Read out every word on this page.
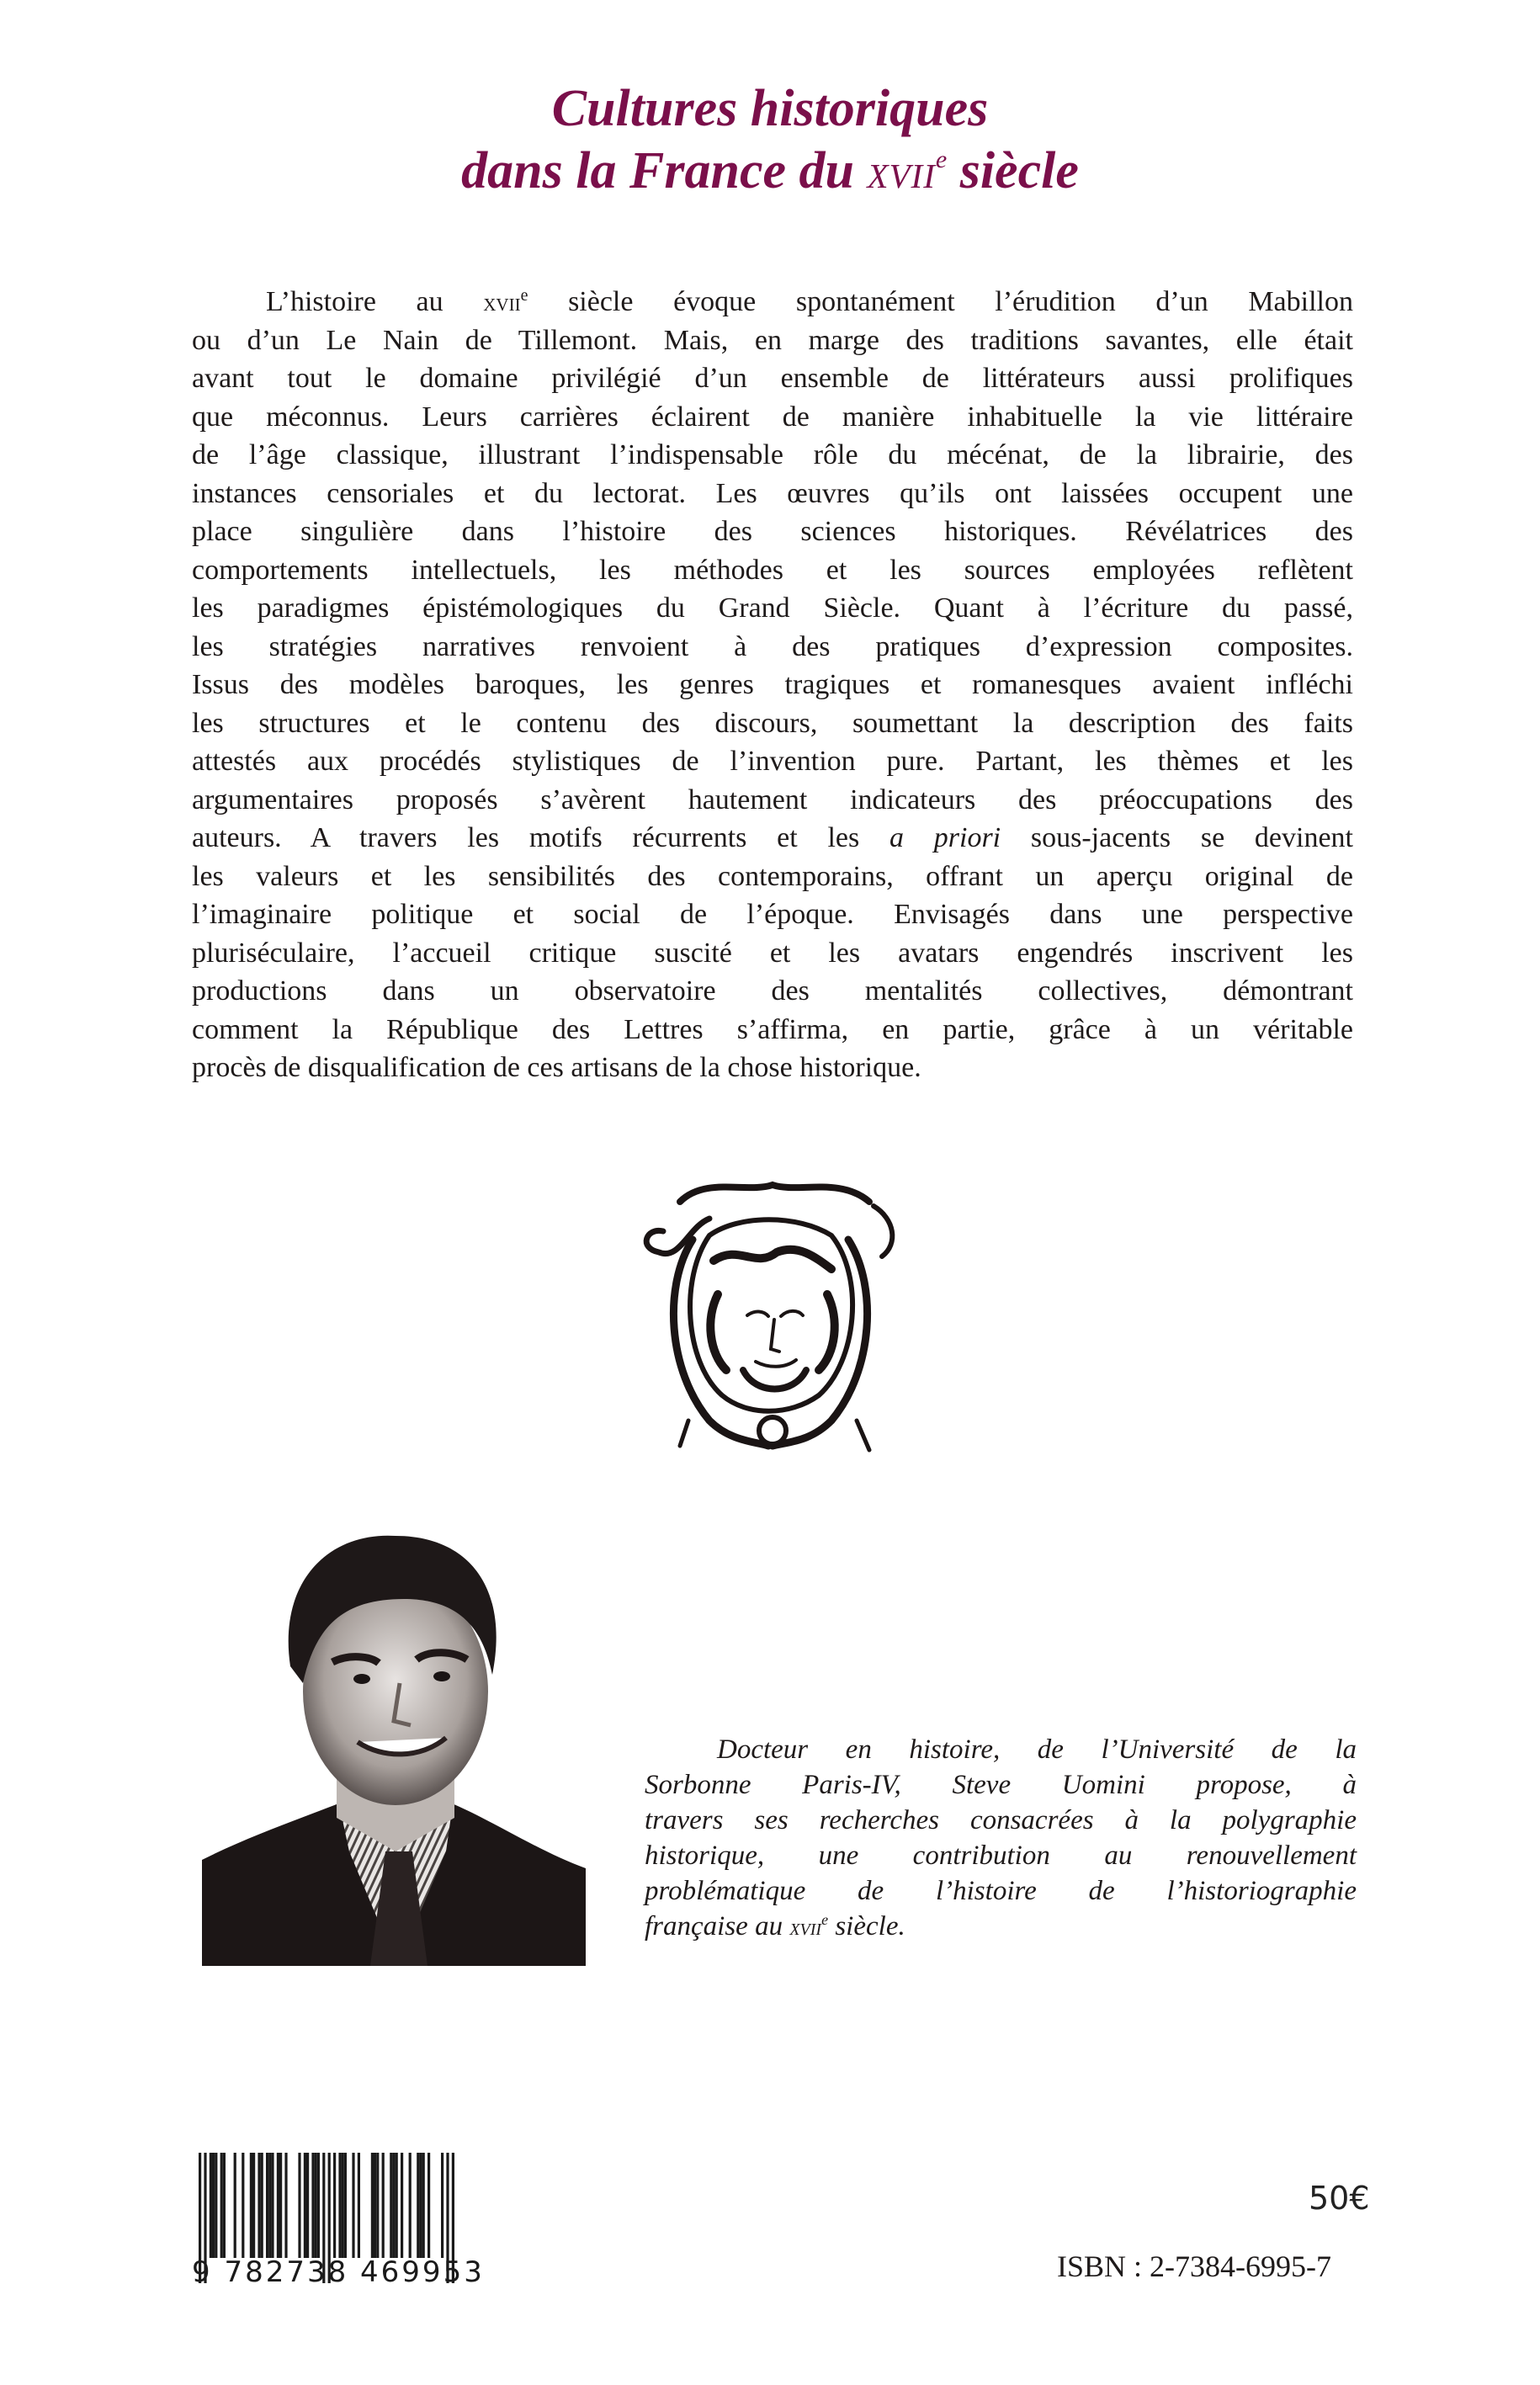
Cultures historiques
dans la France du xvii$^e$ siècle
L’histoire au xvii$^e$ siècle évoque spontanément l’érudition d’un Mabillon
ou d’un Le Nain de Tillemont. Mais, en marge des traditions savantes, elle était
avant tout le domaine privilégié d’un ensemble de littérateurs aussi prolifiques
que méconnus. Leurs carrières éclairent de manière inhabituelle la vie littéraire
de l’âge classique, illustrant l’indispensable rôle du mécénat, de la librairie, des
instances censoriales et du lectorat. Les œuvres qu’ils ont laissées occupent une
place singulière dans l’histoire des sciences historiques. Révélatrices des
comportements intellectuels, les méthodes et les sources employées reflètent
les paradigmes épistémologiques du Grand Siècle. Quant à l’écriture du passé,
les stratégies narratives renvoient à des pratiques d’expression composites.
Issus des modèles baroques, les genres tragiques et romanesques avaient infléchi
les structures et le contenu des discours, soumettant la description des faits
attestés aux procédés stylistiques de l’invention pure. Partant, les thèmes et les
argumentaires proposés s’avèrent hautement indicateurs des préoccupations des
auteurs. A travers les motifs récurrents et les a priori sous-jacents se devinent
les valeurs et les sensibilités des contemporains, offrant un aperçu original de
l’imaginaire politique et social de l’époque. Envisagés dans une perspective
pluriséculaire, l’accueil critique suscité et les avatars engendrés inscrivent les
productions dans un observatoire des mentalités collectives, démontrant
comment la République des Lettres s’affirma, en partie, grâce à un véritable
procès de disqualification de ces artisans de la chose historique.
Docteur en histoire, de l’Université de la
Sorbonne Paris-IV, Steve Uomini propose, à
travers ses recherches consacrées à la polygraphie
historique, une contribution au renouvellement
problématique de l’histoire de l’historiographie
française au xvii$^e$ siècle.
9 782738 469953
50€
ISBN : 2-7384-6995-7
